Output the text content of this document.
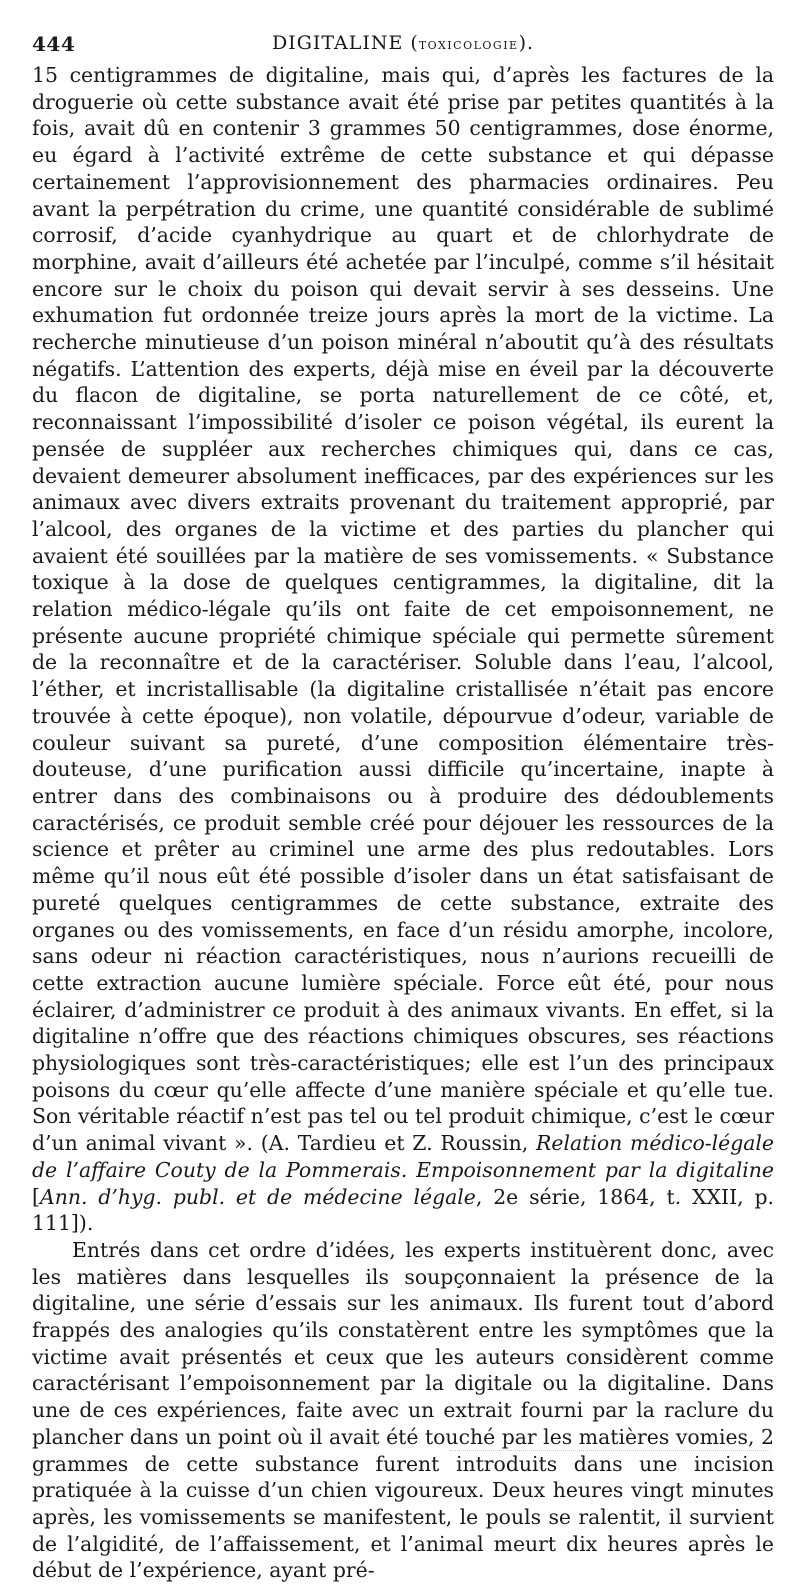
444	DIGITALINE (toxicologie).

15 centigrammes de digitaline, mais qui, d’après les factures de la droguerie où cette substance avait été prise par petites quantités à la fois, avait dû en contenir 3 grammes 50 centigrammes, dose énorme, eu égard à l’activité extrême de cette substance et qui dépasse certainement l’approvisionnement des pharmacies ordinaires. Peu avant la perpétration du crime, une quantité considérable de sublimé corrosif, d’acide cyanhydrique au quart et de chlorhydrate de morphine, avait d’ailleurs été achetée par l’inculpé, comme s’il hésitait encore sur le choix du poison qui devait servir à ses desseins. Une exhumation fut ordonnée treize jours après la mort de la victime. La recherche minutieuse d’un poison minéral n’aboutit qu’à des résultats négatifs. L’attention des experts, déjà mise en éveil par la découverte du flacon de digitaline, se porta naturellement de ce côté, et, reconnaissant l’impossibilité d’isoler ce poison végétal, ils eurent la pensée de suppléer aux recherches chimiques qui, dans ce cas, devaient demeurer absolument inefficaces, par des expériences sur les animaux avec divers extraits provenant du traitement approprié, par l’alcool, des organes de la victime et des parties du plancher qui avaient été souillées par la matière de ses vomissements. « Substance toxique à la dose de quelques centigrammes, la digitaline, dit la relation médico-légale qu’ils ont faite de cet empoisonnement, ne présente aucune propriété chimique spéciale qui permette sûrement de la reconnaître et de la caractériser. Soluble dans l’eau, l’alcool, l’éther, et incristallisable (la digitaline cristallisée n’était pas encore trouvée à cette époque), non volatile, dépourvue d’odeur, variable de couleur suivant sa pureté, d’une composition élémentaire très-douteuse, d’une purification aussi difficile qu’incertaine, inapte à entrer dans des combinaisons ou à produire des dédoublements caractérisés, ce produit semble créé pour déjouer les ressources de la science et prêter au criminel une arme des plus redoutables. Lors même qu’il nous eût été possible d’isoler dans un état satisfaisant de pureté quelques centigrammes de cette substance, extraite des organes ou des vomissements, en face d’un résidu amorphe, incolore, sans odeur ni réaction caractéristiques, nous n’aurions recueilli de cette extraction aucune lumière spéciale. Force eût été, pour nous éclairer, d’administrer ce produit à des animaux vivants. En effet, si la digitaline n’offre que des réactions chimiques obscures, ses réactions physiologiques sont très-caractéristiques; elle est l’un des principaux poisons du cœur qu’elle affecte d’une manière spéciale et qu’elle tue. Son véritable réactif n’est pas tel ou tel produit chimique, c’est le cœur d’un animal vivant ». (A. Tardieu et Z. Roussin, Relation médico-légale de l’affaire Couty de la Pommerais. Empoisonnement par la digitaline [Ann. d’hyg. publ. et de médecine légale, 2e série, 1864, t. XXII, p. 111]).

Entrés dans cet ordre d’idées, les experts instituèrent donc, avec les matières dans lesquelles ils soupçonnaient la présence de la digitaline, une série d’essais sur les animaux. Ils furent tout d’abord frappés des analogies qu’ils constatèrent entre les symptômes que la victime avait présentés et ceux que les auteurs considèrent comme caractérisant l’empoisonnement par la digitale ou la digitaline. Dans une de ces expériences, faite avec un extrait fourni par la raclure du plancher dans un point où il avait été touché par les matières vomies, 2 grammes de cette substance furent introduits dans une incision pratiquée à la cuisse d’un chien vigoureux. Deux heures vingt minutes après, les vomissements se manifestent, le pouls se ralentit, il survient de l’algidité, de l’affaissement, et l’animal meurt dix heures après le début de l’expérience, ayant pré-
